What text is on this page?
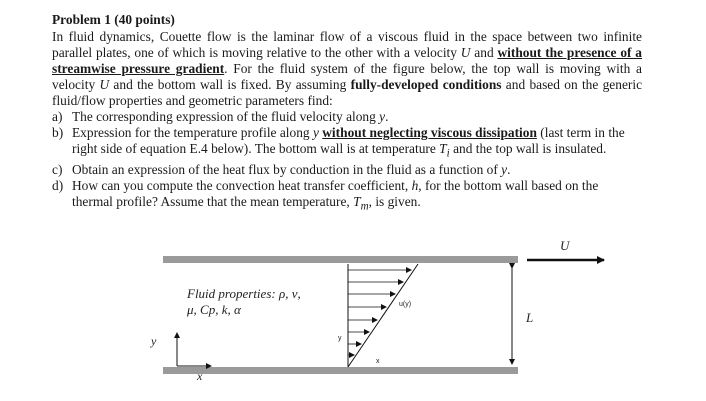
Problem 1 (40 points)
In fluid dynamics, Couette flow is the laminar flow of a viscous fluid in the space between two infinite parallel plates, one of which is moving relative to the other with a velocity U and without the presence of a streamwise pressure gradient. For the fluid system of the figure below, the top wall is moving with a velocity U and the bottom wall is fixed. By assuming fully-developed conditions and based on the generic fluid/flow properties and geometric parameters find:
a) The corresponding expression of the fluid velocity along y.
b) Expression for the temperature profile along y without neglecting viscous dissipation (last term in the right side of equation E.4 below). The bottom wall is at temperature $T_i$ and the top wall is insulated.
c) Obtain an expression of the heat flux by conduction in the fluid as a function of y.
d) How can you compute the convection heat transfer coefficient, h, for the bottom wall based on the thermal profile? Assume that the mean temperature, $T_m$, is given.
U
L
Fluid properties: ρ, ν,
μ, Cp, k, α	u(y)
y
x
y
x
